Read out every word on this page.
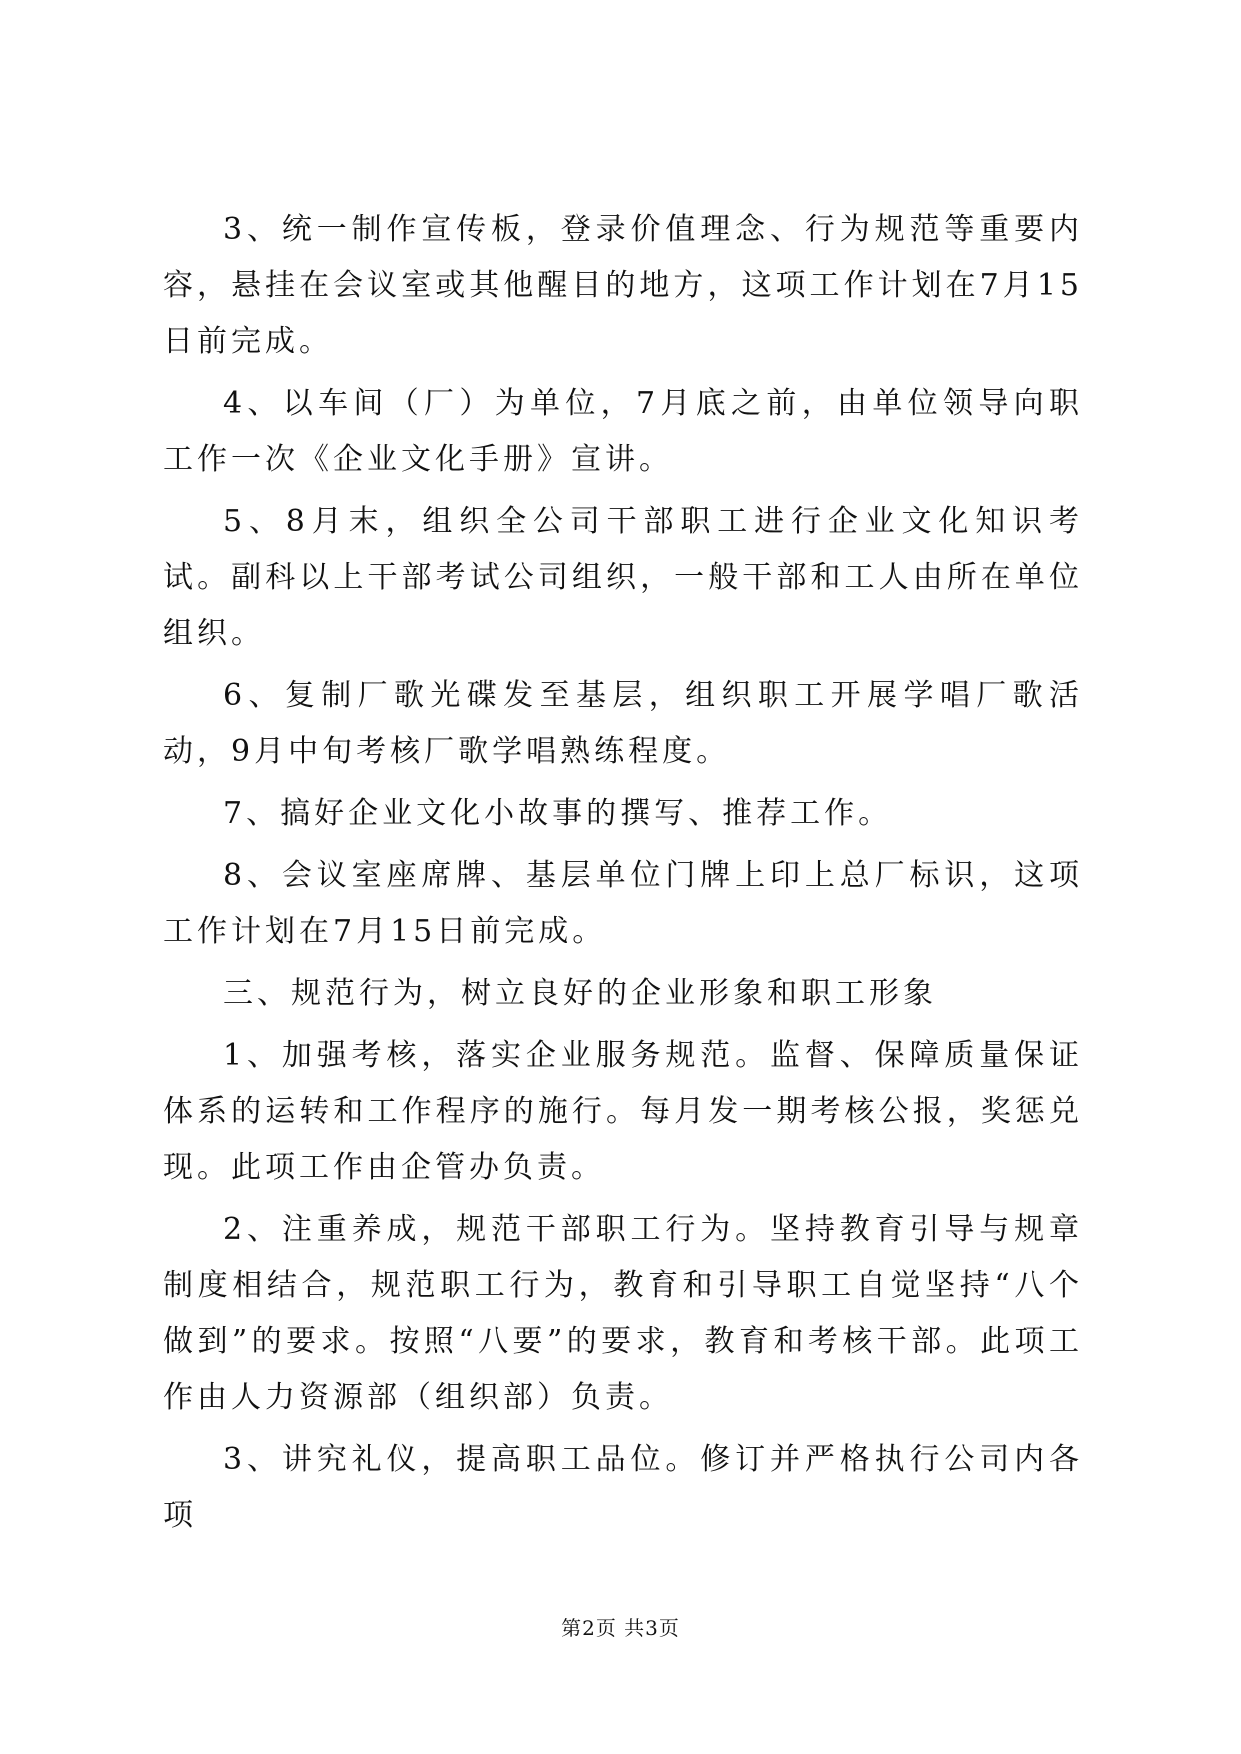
3、统一制作宣传板，登录价值理念、行为规范等重要内容，悬挂在会议室或其他醒目的地方，这项工作计划在7月15日前完成。

4、以车间（厂）为单位，7月底之前，由单位领导向职工作一次《企业文化手册》宣讲。

5、8月末，组织全公司干部职工进行企业文化知识考试。副科以上干部考试公司组织，一般干部和工人由所在单位组织。

6、复制厂歌光碟发至基层，组织职工开展学唱厂歌活动，9月中旬考核厂歌学唱熟练程度。

7、搞好企业文化小故事的撰写、推荐工作。

8、会议室座席牌、基层单位门牌上印上总厂标识，这项工作计划在7月15日前完成。

三、规范行为，树立良好的企业形象和职工形象

1、加强考核，落实企业服务规范。监督、保障质量保证体系的运转和工作程序的施行。每月发一期考核公报，奖惩兑现。此项工作由企管办负责。

2、注重养成，规范干部职工行为。坚持教育引导与规章制度相结合，规范职工行为，教育和引导职工自觉坚持“八个做到”的要求。按照“八要”的要求，教育和考核干部。此项工作由人力资源部（组织部）负责。

3、讲究礼仪，提高职工品位。修订并严格执行公司内各项

第2页 共3页
